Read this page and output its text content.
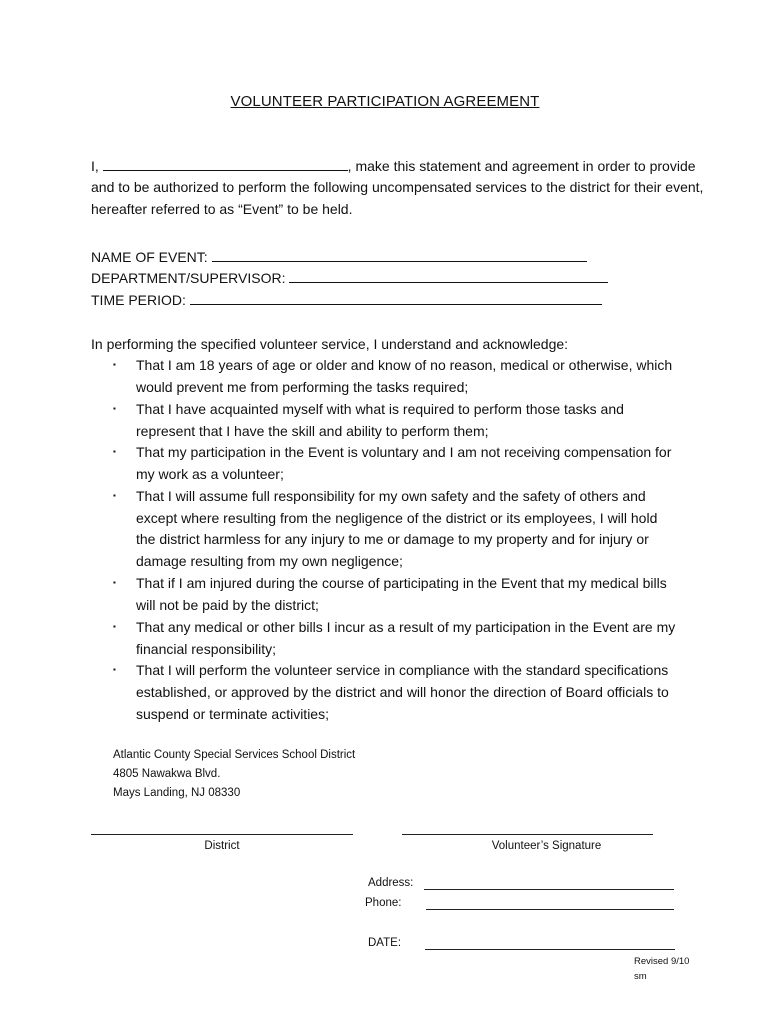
VOLUNTEER PARTICIPATION AGREEMENT
I,	, make this statement and agreement in order to provide
and to be authorized to perform the following uncompensated services to the district for their event,
hereafter referred to as “Event” to be held.
NAME OF EVENT:
DEPARTMENT/SUPERVISOR:
TIME PERIOD:
In performing the specified volunteer service, I understand and acknowledge:
▪ That I am 18 years of age or older and know of no reason, medical or otherwise, which
would prevent me from performing the tasks required;
▪ That I have acquainted myself with what is required to perform those tasks and
represent that I have the skill and ability to perform them;
▪ That my participation in the Event is voluntary and I am not receiving compensation for
my work as a volunteer;
▪ That I will assume full responsibility for my own safety and the safety of others and
except where resulting from the negligence of the district or its employees, I will hold
the district harmless for any injury to me or damage to my property and for injury or
damage resulting from my own negligence;
▪ That if I am injured during the course of participating in the Event that my medical bills
will not be paid by the district;
▪ That any medical or other bills I incur as a result of my participation in the Event are my
financial responsibility;
▪ That I will perform the volunteer service in compliance with the standard specifications
established, or approved by the district and will honor the direction of Board officials to
suspend or terminate activities;
Atlantic County Special Services School District
4805 Nawakwa Blvd.
Mays Landing, NJ 08330
District	Volunteer’s Signature
Address:
Phone:
DATE:
Revised 9/10
sm
